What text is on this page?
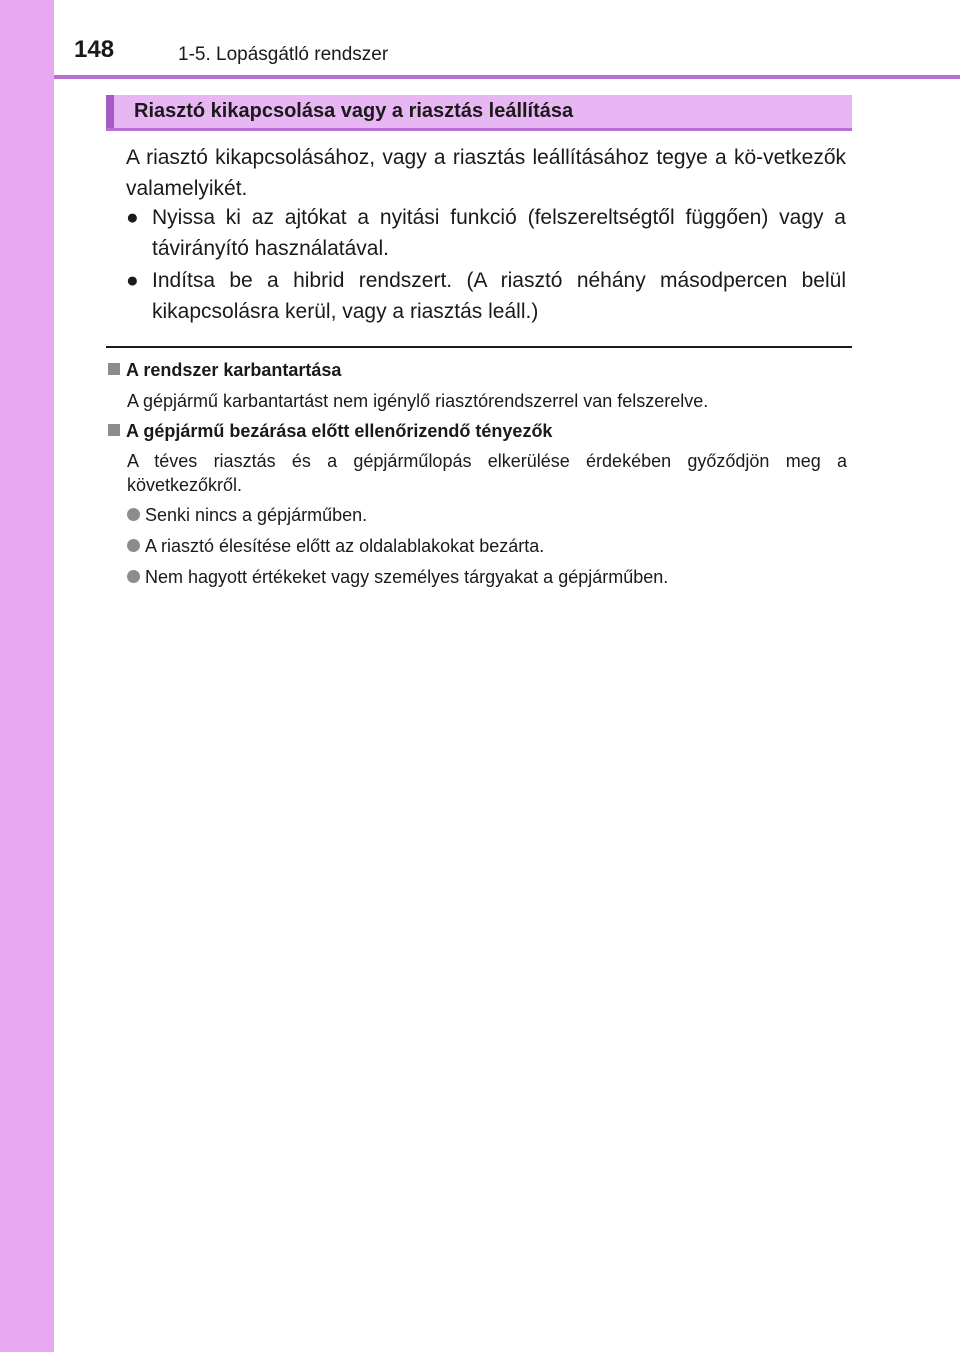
148	1-5. Lopásgátló rendszer
Riasztó kikapcsolása vagy a riasztás leállítása
A riasztó kikapcsolásához, vagy a riasztás leállításához tegye a kö-vetkezők valamelyikét.
● Nyissa ki az ajtókat a nyitási funkció (felszereltségtől függően) vagy a távirányító használatával.
● Indítsa be a hibrid rendszert. (A riasztó néhány másodpercen belül kikapcsolásra kerül, vagy a riasztás leáll.)
A rendszer karbantartása
A gépjármű karbantartást nem igénylő riasztórendszerrel van felszerelve.
A gépjármű bezárása előtt ellenőrizendő tényezők
A téves riasztás és a gépjárműlopás elkerülése érdekében győződjön meg a következőkről.
Senki nincs a gépjárműben.
A riasztó élesítése előtt az oldalablakokat bezárta.
Nem hagyott értékeket vagy személyes tárgyakat a gépjárműben.
